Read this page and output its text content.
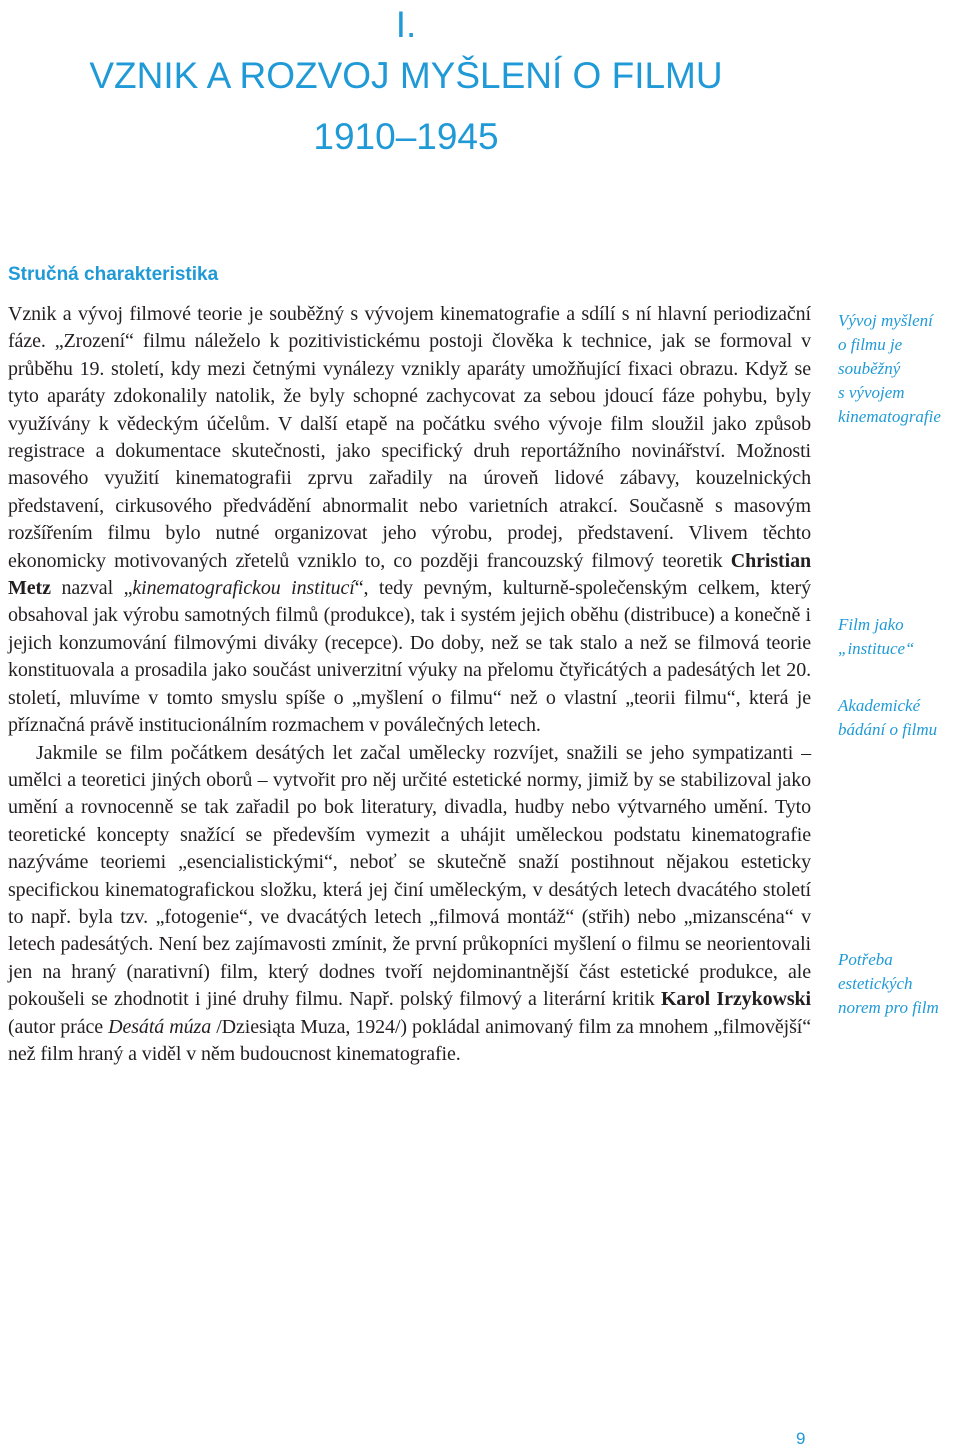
I.
VZNIK A ROZVOJ MYŠLENÍ O FILMU
1910–1945
Stručná charakteristika

Vznik a vývoj filmové teorie je souběžný s vývojem kinematografie a sdílí s ní hlavní periodizační fáze. „Zrození“ filmu náleželo k pozitivistickému postoji člověka k technice, jak se formoval v průběhu 19. století, kdy mezi četnými vynálezy vznikly aparáty umožňující fixaci obrazu. Když se tyto aparáty zdokonalily natolik, že byly schopné zachycovat za sebou jdoucí fáze pohybu, byly využívány k vědeckým účelům. V další etapě na počátku svého vývoje film sloužil jako způsob registrace a dokumentace skutečnosti, jako specifický druh reportážního novinářství. Možnosti masového využití kinematografii zprvu zařadily na úroveň lidové zábavy, kouzelnických představení, cirkusového předvádění abnormalit nebo varietních atrakcí. Současně s masovým rozšířením filmu bylo nutné organizovat jeho výrobu, prodej, představení. Vlivem těchto ekonomicky motivovaných zřetelů vzniklo to, co později francouzský filmový teoretik Christian Metz nazval „kinematografickou institucí“, tedy pevným, kulturně-společenským celkem, který obsahoval jak výrobu samotných filmů (produkce), tak i systém jejich oběhu (distribuce) a konečně i jejich konzumování filmovými diváky (recepce). Do doby, než se tak stalo a než se filmová teorie konstituovala a prosadila jako součást univerzitní výuky na přelomu čtyřicátých a padesátých let 20. století, mluvíme v tomto smyslu spíše o „myšlení o filmu“ než o vlastní „teorii filmu“, která je příznačná právě institucionálním rozmachem v poválečných letech.

Jakmile se film počátkem desátých let začal umělecky rozvíjet, snažili se jeho sympatizanti – umělci a teoretici jiných oborů – vytvořit pro něj určité estetické normy, jimiž by se stabilizoval jako umění a rovnocenně se tak zařadil po bok literatury, divadla, hudby nebo výtvarného umění. Tyto teoretické koncepty snažící se především vymezit a uhájit uměleckou podstatu kinematografie nazýváme teoriemi „esencialistickými“, neboť se skutečně snaží postihnout nějakou esteticky specifickou kinematografickou složku, která jej činí uměleckým, v desátých letech dvacátého století to např. byla tzv. „fotogenie“, ve dvacátých letech „filmová montáž“ (střih) nebo „mizanscéna“ v letech padesátých. Není bez zajímavosti zmínit, že první průkopníci myšlení o filmu se neorientovali jen na hraný (narativní) film, který dodnes tvoří nejdominantnější část estetické produkce, ale pokoušeli se zhodnotit i jiné druhy filmu. Např. polský filmový a literární kritik Karol Irzykowski (autor práce Desátá múza /Dziesiąta Muza, 1924/) pokládal animovaný film za mnohem „filmovější“ než film hraný a viděl v něm budoucnost kinematografie.

Vývoj myšlení
o filmu je
souběžný
s vývojem
kinematografie
Film jako
„instituce“
Akademické
bádání o filmu
Potřeba
estetických
norem pro film
9
